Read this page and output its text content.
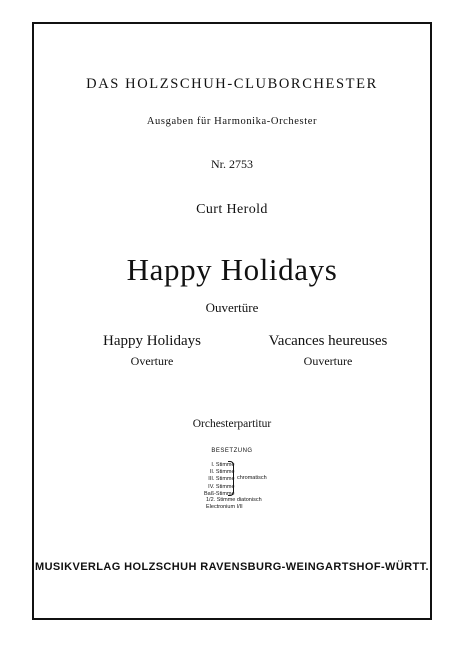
DAS HOLZSCHUH-CLUBORCHESTER
Ausgaben für Harmonika-Orchester
Nr. 2753
Curt Herold
Happy Holidays
Ouvertüre
Happy Holidays
Overture
Vacances heureuses
Ouverture
Orchesterpartitur
BESETZUNG
I. Stimme
II. Stimme
III. Stimme
IV. Stimme
Baß-Stimme
chromatisch
1/2. Stimme diatonisch
Electronium I/II
MUSIKVERLAG HOLZSCHUH RAVENSBURG-WEINGARTSHOF-WÜRTT.
